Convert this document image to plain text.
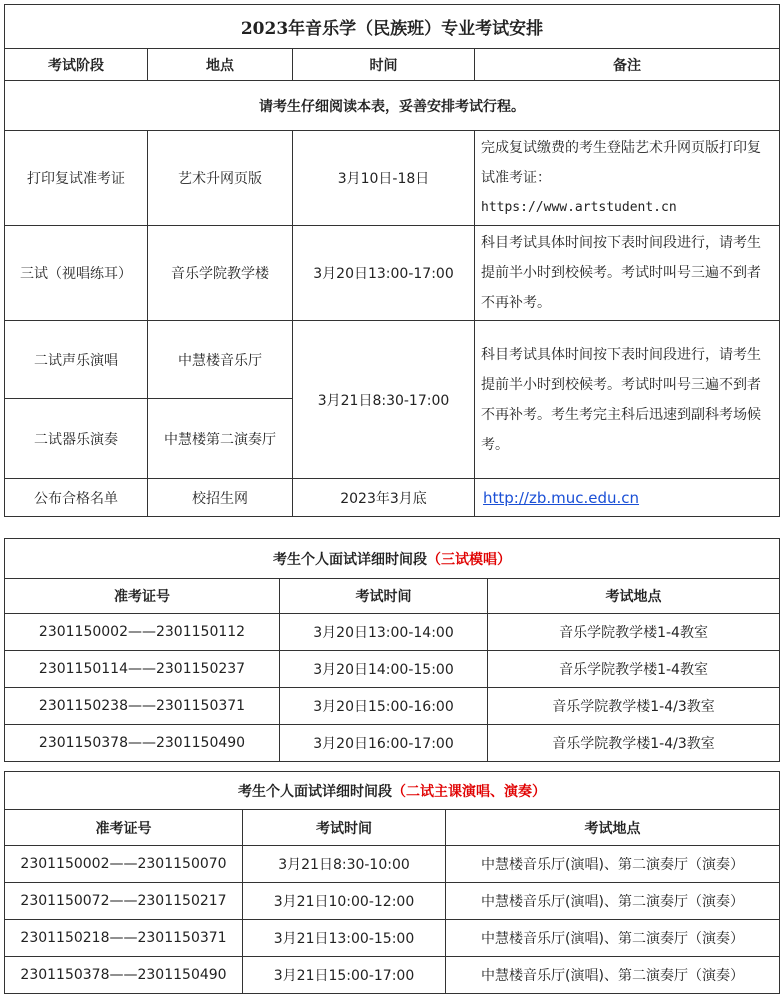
2023年音乐学（民族班）专业考试安排			
考试阶段	地点	时间	备注
请考生仔细阅读本表，妥善安排考试行程。			
打印复试准考证	艺术升网页版	3月10日-18日	完成复试缴费的考生登陆艺术升网页版打印复试准考证：
https://www.artstudent.cn

三试（视唱练耳）	音乐学院教学楼	3月20日13:00-17:00	科目考试具体时间按下表时间段进行，请考生提前半小时到校候考。考试时叫号三遍不到者不再补考。
二试声乐演唱	中慧楼音乐厅	3月21日8:30-17:00	科目考试具体时间按下表时间段进行，请考生提前半小时到校候考。考试时叫号三遍不到者不再补考。考生考完主科后迅速到副科考场候考。
二试器乐演奏	中慧楼第二演奏厅		
公布合格名单	校招生网	2023年3月底	http://zb.muc.edu.cn
考生个人面试详细时间段（三试模唱）		
准考证号	考试时间	考试地点
2301150002——2301150112	3月20日13:00-14:00	音乐学院教学楼1-4教室
2301150114——2301150237	3月20日14:00-15:00	音乐学院教学楼1-4教室
2301150238——2301150371	3月20日15:00-16:00	音乐学院教学楼1-4/3教室
2301150378——2301150490	3月20日16:00-17:00	音乐学院教学楼1-4/3教室
考生个人面试详细时间段（二试主课演唱、演奏）		
准考证号	考试时间	考试地点
2301150002——2301150070	3月21日8:30-10:00	中慧楼音乐厅(演唱)、第二演奏厅（演奏）
2301150072——2301150217	3月21日10:00-12:00	中慧楼音乐厅(演唱)、第二演奏厅（演奏）
2301150218——2301150371	3月21日13:00-15:00	中慧楼音乐厅(演唱)、第二演奏厅（演奏）
2301150378——2301150490	3月21日15:00-17:00	中慧楼音乐厅(演唱)、第二演奏厅（演奏）
